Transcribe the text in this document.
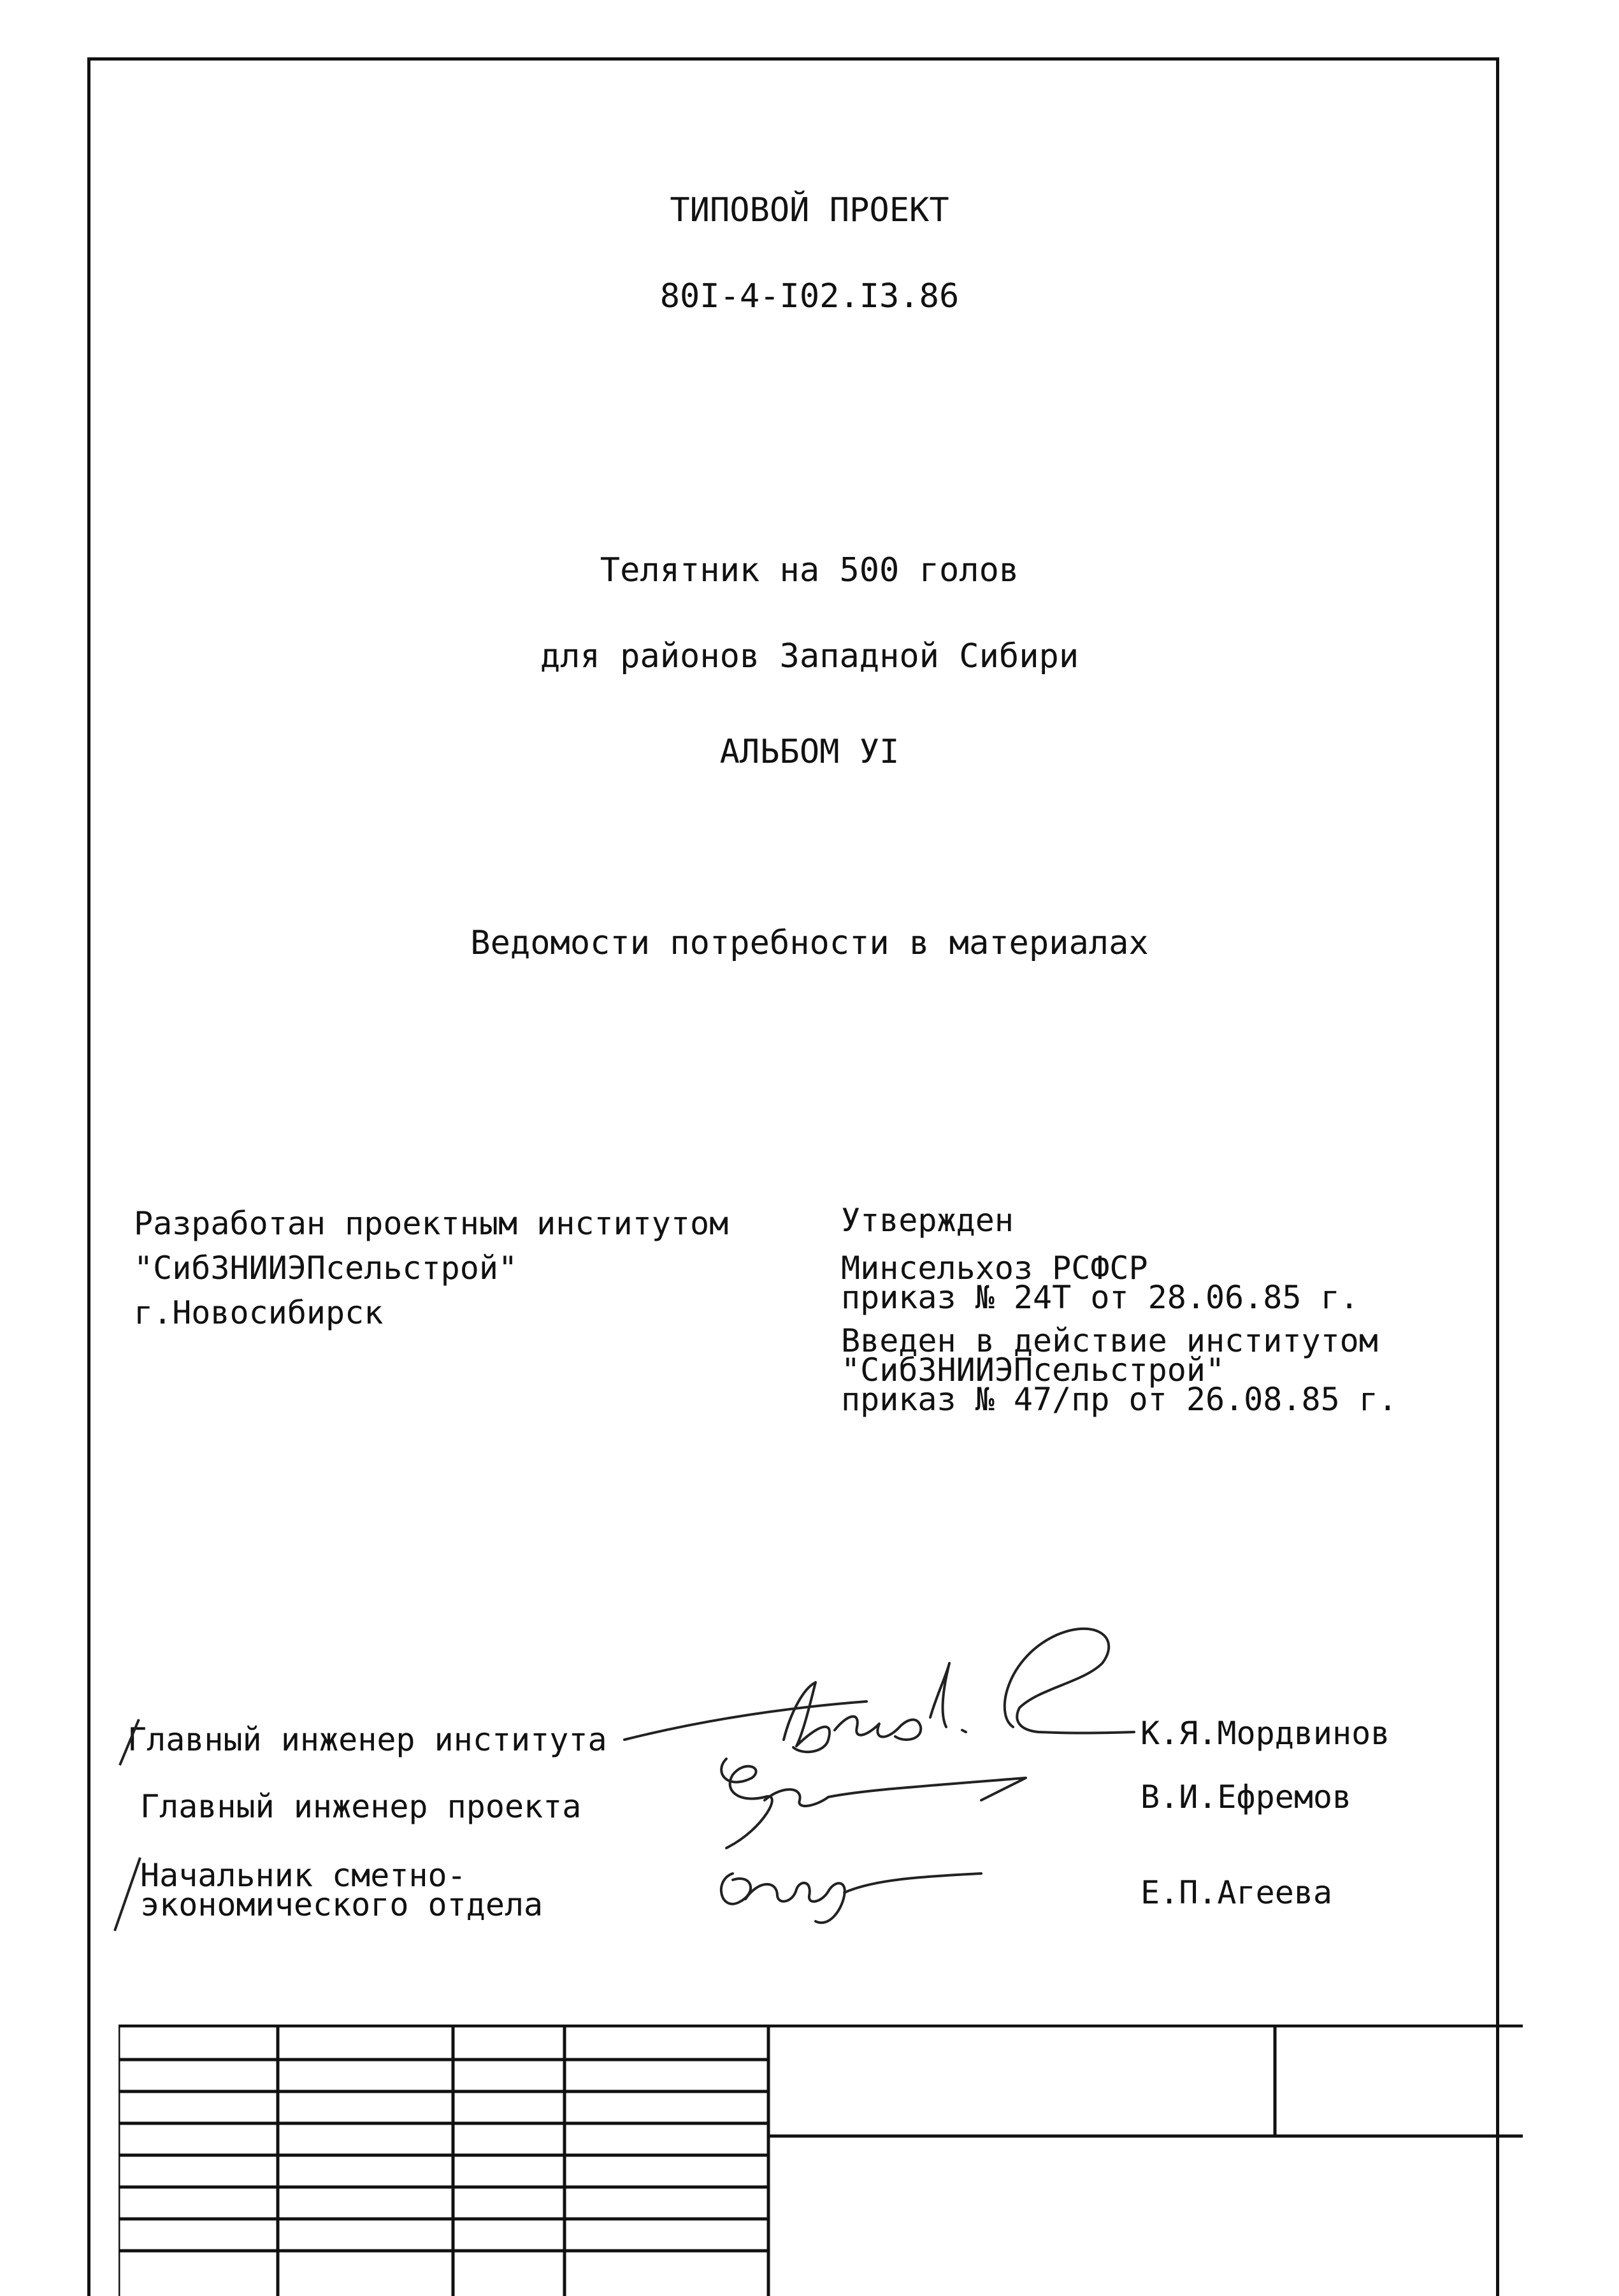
ТИПОВОЙ ПРОЕКТ
80I-4-I02.I3.86
Телятник на 500 голов
для районов Западной Сибири
АЛЬБОМ УI
Ведомости потребности в материалах
Разработан проектным институтом
"СибЗНИИЭПсельстрой"
г.Новосибирск
Утвержден
Минсельхоз РСФСР
приказ № 24Т от 28.06.85 г.
Введен в действие институтом
"СибЗНИИЭПсельстрой"
приказ № 47/пр от 26.08.85 г.
Главный инженер института	К.Я.Мордвинов
Главный инженер проекта	В.И.Ефремов
Начальник сметно-
экономического отдела	Е.П.Агеева
